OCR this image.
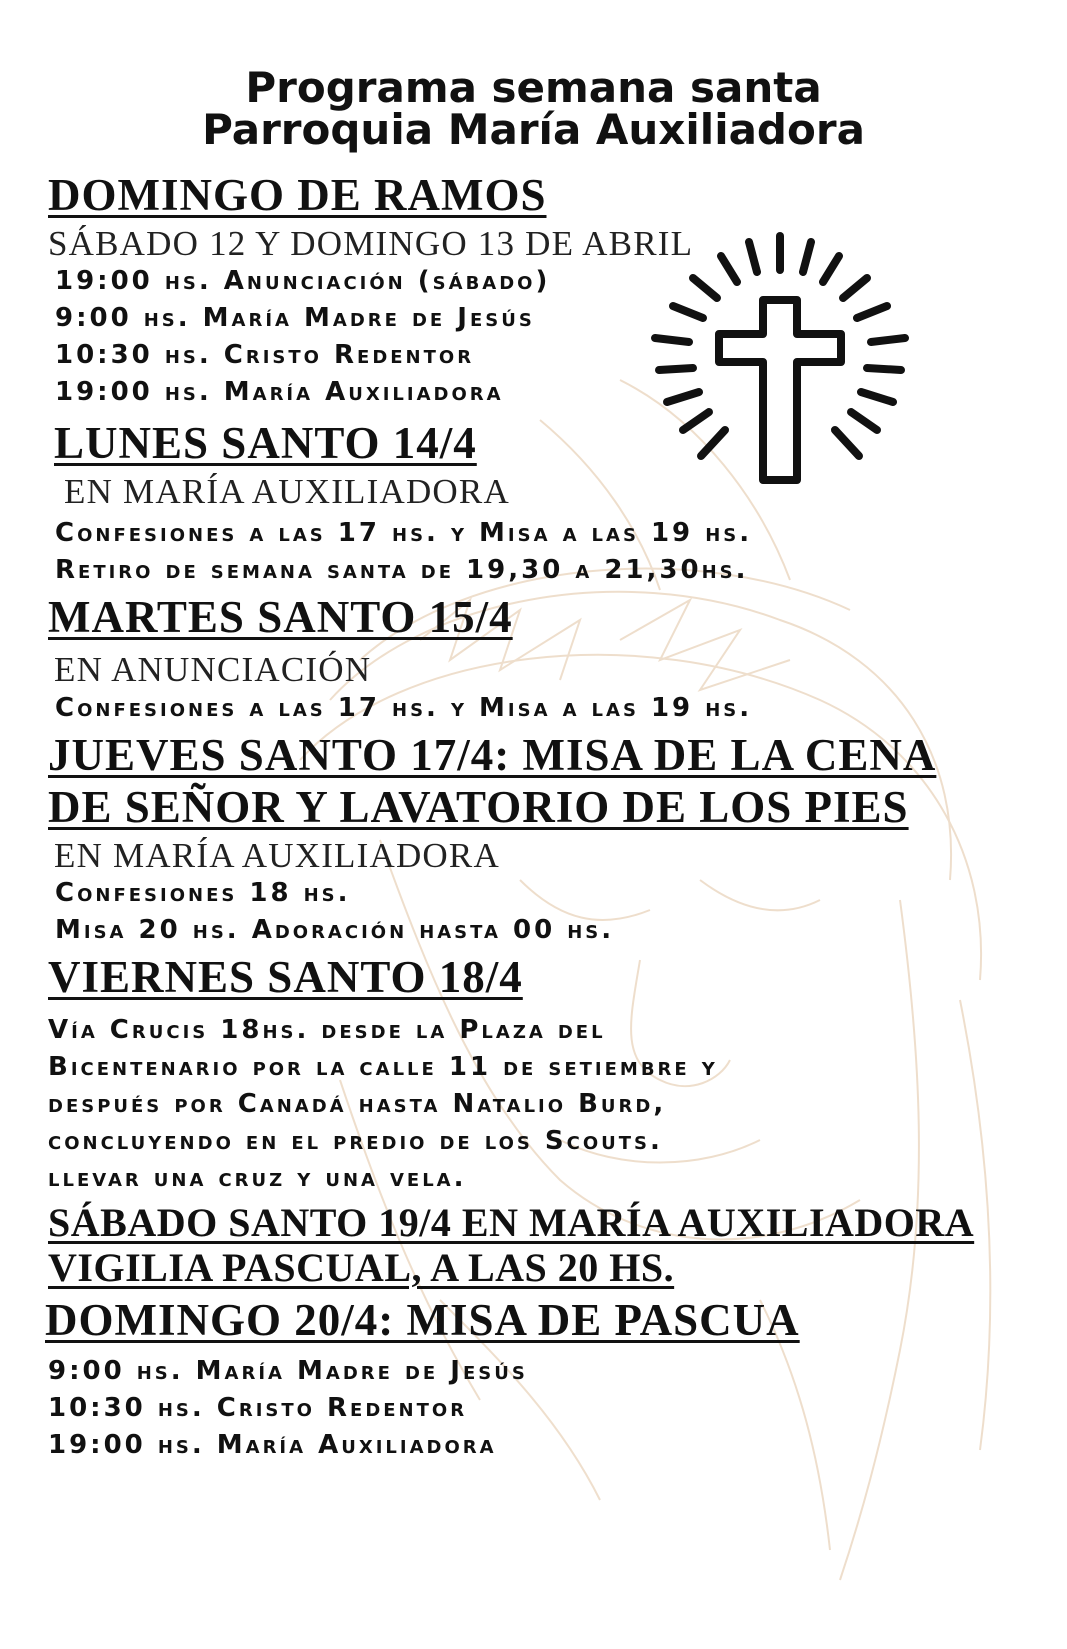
Programa semana santa
Parroquia María Auxiliadora
DOMINGO DE RAMOS

SÁBADO 12 Y DOMINGO 13 DE ABRIL

19:00 hs. Anunciación (sábado)

9:00 hs. María Madre de Jesús

10:30 hs. Cristo Redentor

19:00 hs. María Auxiliadora

LUNES SANTO 14/4

EN MARÍA AUXILIADORA

Confesiones a las 17 hs. y Misa a las 19 hs.

Retiro de semana santa de 19,30 a 21,30hs.

MARTES SANTO 15/4

EN ANUNCIACIÓN

Confesiones a las 17 hs. y Misa a las 19 hs.

JUEVES SANTO 17/4: MISA DE LA CENA
DE SEÑOR Y LAVATORIO DE LOS PIES

EN MARÍA AUXILIADORA

Confesiones 18 hs.

Misa 20 hs. Adoración hasta 00 hs.

VIERNES SANTO 18/4

Vía Crucis 18hs. desde la Plaza del

Bicentenario por la calle 11 de setiembre y

después por Canadá hasta Natalio Burd,

concluyendo en el predio de los Scouts.

llevar una cruz y una vela.

SÁBADO SANTO 19/4 EN MARÍA AUXILIADORA
VIGILIA PASCUAL, A LAS 20 HS.
DOMINGO 20/4: MISA DE PASCUA

9:00 hs. María Madre de Jesús

10:30 hs. Cristo Redentor

19:00 hs. María Auxiliadora
